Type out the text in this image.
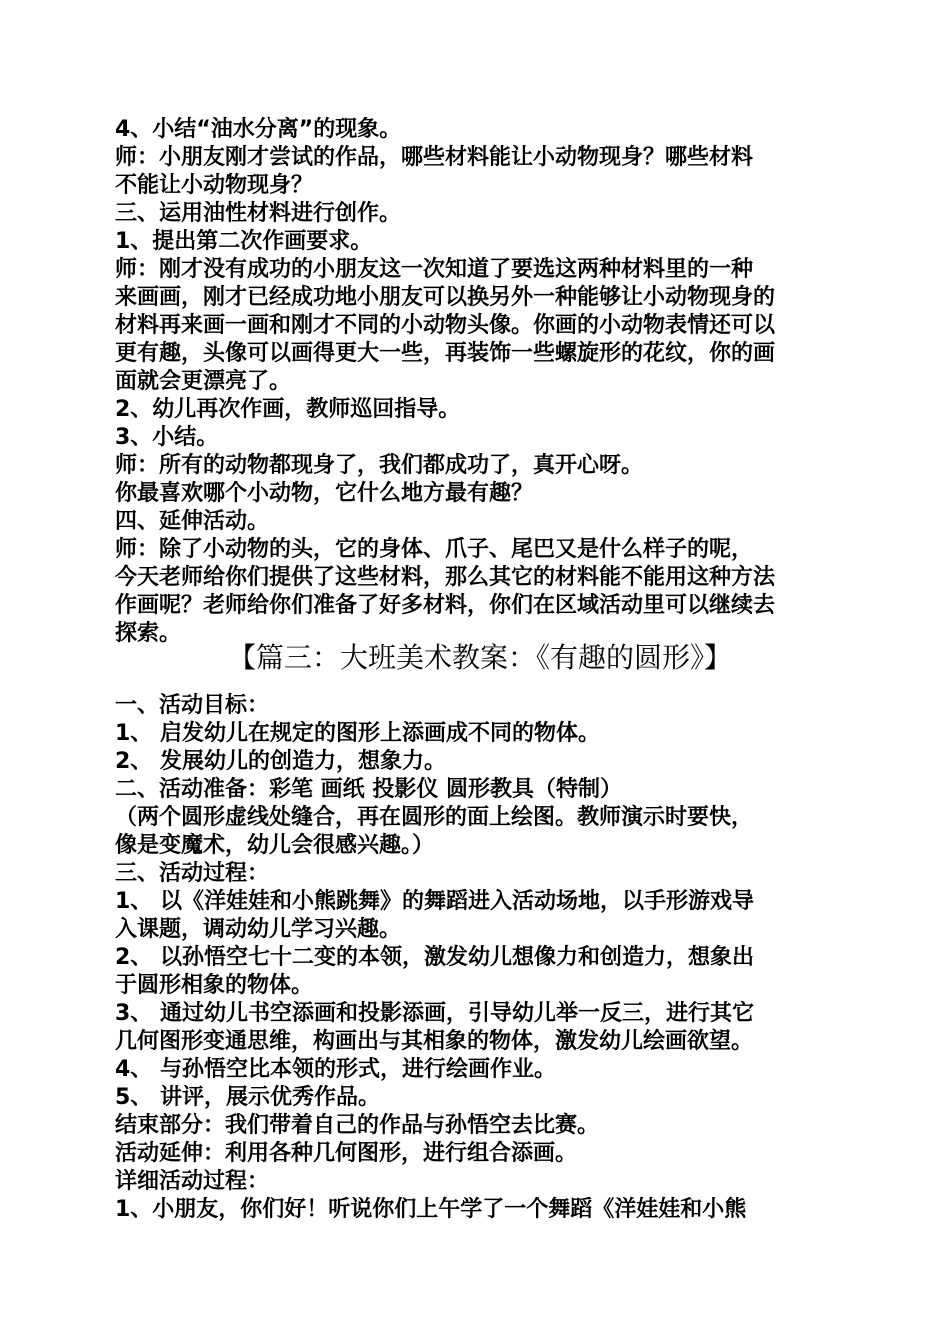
4、小结“油水分离”的现象。
师：小朋友刚才尝试的作品，哪些材料能让小动物现身？哪些材料
不能让小动物现身？
三、运用油性材料进行创作。
1、提出第二次作画要求。
师：刚才没有成功的小朋友这一次知道了要选这两种材料里的一种
来画画，刚才已经成功地小朋友可以换另外一种能够让小动物现身的
材料再来画一画和刚才不同的小动物头像。你画的小动物表情还可以
更有趣，头像可以画得更大一些，再装饰一些螺旋形的花纹，你的画
面就会更漂亮了。
2、幼儿再次作画，教师巡回指导。
3、小结。
师：所有的动物都现身了，我们都成功了，真开心呀。
你最喜欢哪个小动物，它什么地方最有趣？
四、延伸活动。
师：除了小动物的头，它的身体、爪子、尾巴又是什么样子的呢，
今天老师给你们提供了这些材料，那么其它的材料能不能用这种方法
作画呢？老师给你们准备了好多材料，你们在区域活动里可以继续去
探索。
【篇三：大班美术教案：《有趣的圆形》】
一、活动目标：
1、 启发幼儿在规定的图形上添画成不同的物体。
2、 发展幼儿的创造力，想象力。
二、活动准备：彩笔 画纸 投影仪 圆形教具（特制）
（两个圆形虚线处缝合，再在圆形的面上绘图。教师演示时要快，
像是变魔术，幼儿会很感兴趣。）
三、活动过程：
1、 以《洋娃娃和小熊跳舞》的舞蹈进入活动场地，以手形游戏导
入课题，调动幼儿学习兴趣。
2、 以孙悟空七十二变的本领，激发幼儿想像力和创造力，想象出
于圆形相象的物体。
3、 通过幼儿书空添画和投影添画，引导幼儿举一反三，进行其它
几何图形变通思维，构画出与其相象的物体，激发幼儿绘画欲望。
4、 与孙悟空比本领的形式，进行绘画作业。
5、 讲评，展示优秀作品。
结束部分：我们带着自己的作品与孙悟空去比赛。
活动延伸：利用各种几何图形，进行组合添画。
详细活动过程：
1、小朋友，你们好！听说你们上午学了一个舞蹈《洋娃娃和小熊
